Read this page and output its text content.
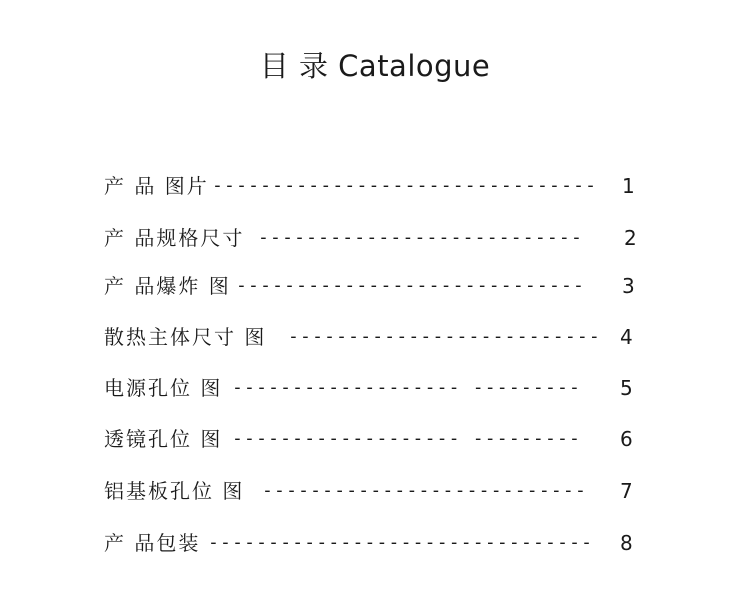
目 录 Catalogue
产 品 图片 --------------------------------	1
产 品规格尺寸 ---------------------------	2
产 品爆炸 图 -----------------------------	3
散热主体尺寸 图 -------------------------- 4
电源孔位 图 ------------------- ---------	5
透镜孔位 图 ------------------- ---------	6
铝基板孔位 图 ---------------------------	7
产 品包装 --------------------------------	8
